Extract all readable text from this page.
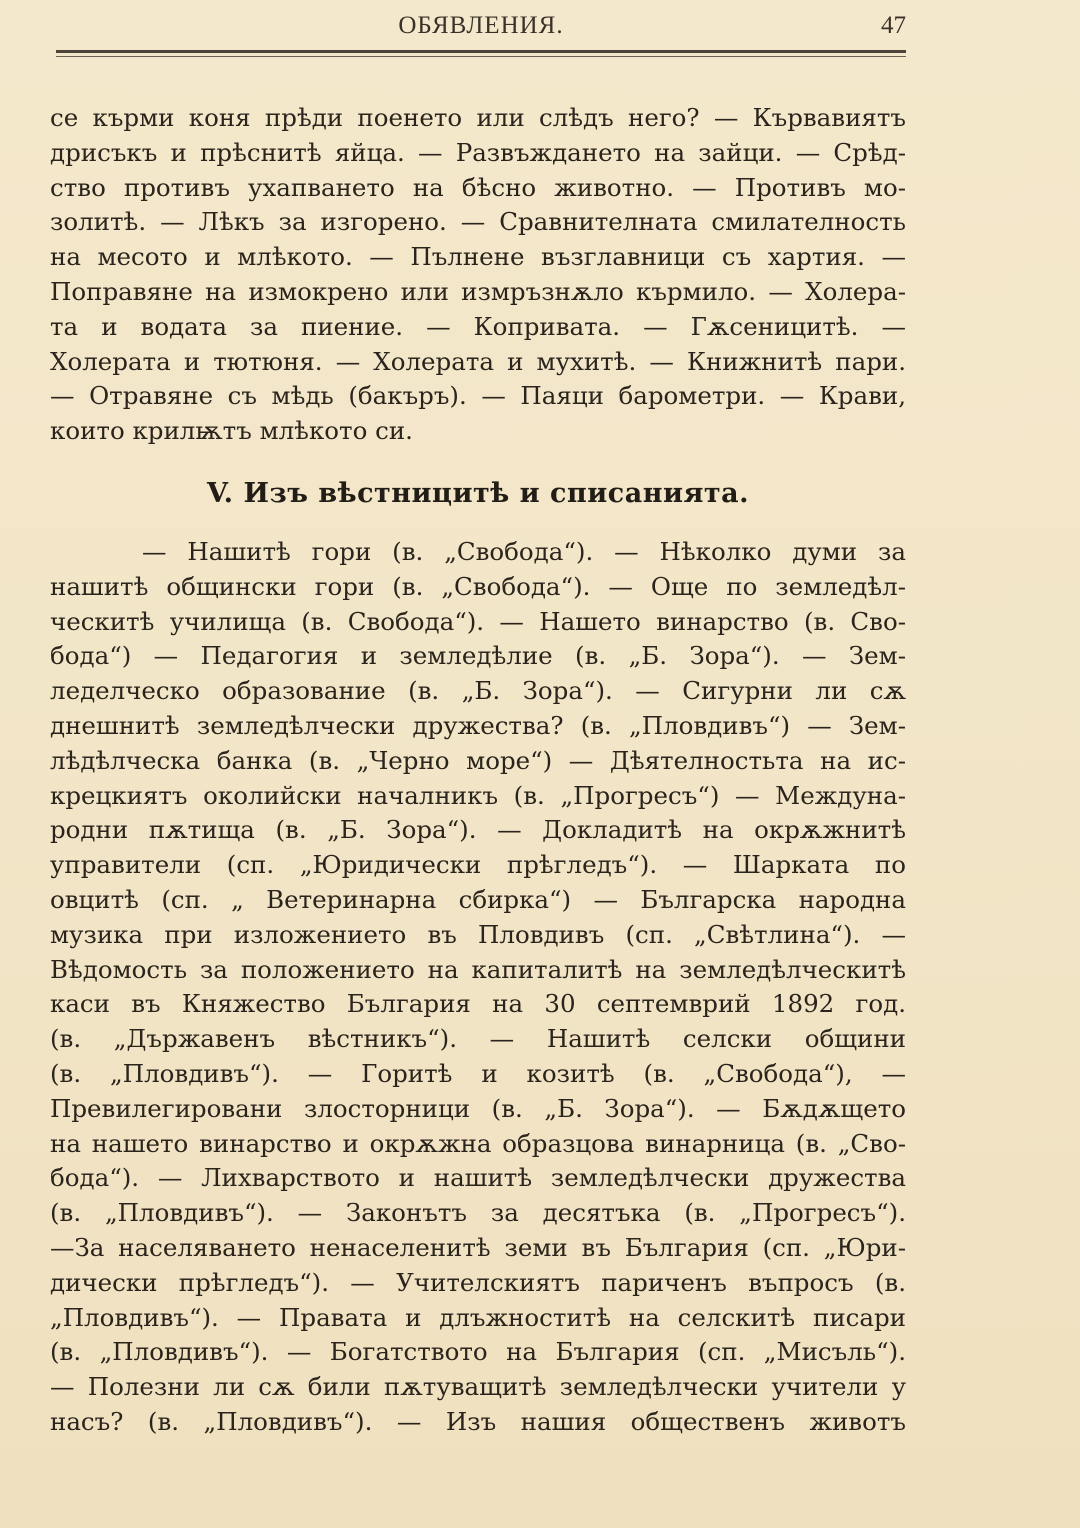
ОБЯВЛЕНИЯ.	47
се кърми коня прѣди поенето или слѣдъ него? — Кървавиятъ
дрисъкъ и прѣснитѣ яйца. — Развъждането на зайци. — Срѣд-
ство противъ ухапването на бѣсно животно. — Противъ мо-
золитѣ. — Лѣкъ за изгорено. — Сравнителната смилателность
на месото и млѣкото. — Пълнене възглавници съ хартия. —
Поправяне на измокрено или измръзнѫло кърмило. — Холера-
та и водата за пиение. — Копривата. — Гѫсеницитѣ. —
Холерата и тютюня. — Холерата и мухитѣ. — Книжнитѣ пари.
— Отравяне съ мѣдь (бакъръ). — Паяци барометри. — Крави,
които крилѭтъ млѣкото си.
V. Изъ вѣстницитѣ и списанията.
— Нашитѣ гори (в. „Свобода“). — Нѣколко думи за
нашитѣ общински гори (в. „Свобода“). — Още по земледѣл-
ческитѣ училища (в. Свобода“). — Нашето винарство (в. Сво-
бода“) — Педагогия и земледѣлие (в. „Б. Зора“). — Зем-
леделческо образование (в. „Б. Зора“). — Сигурни ли сѫ
днешнитѣ земледѣлчески дружества? (в. „Пловдивъ“) — Зем-
лѣдѣлческа банка (в. „Черно море“) — Дѣятелностьта на ис-
крецкиятъ околийски началникъ (в. „Прогресъ“) — Междуна-
родни пѫтища (в. „Б. Зора“). — Докладитѣ на окрѫжнитѣ
управители (сп. „Юридически прѣгледъ“). — Шарката по
овцитѣ (сп. „ Ветеринарна сбирка“) — Българска народна
музика при изложението въ Пловдивъ (сп. „Свѣтлина“). —
Вѣдомость за положението на капиталитѣ на земледѣлческитѣ
каси въ Княжество България на 30 септемврий 1892 год.
(в. „Държавенъ вѣстникъ“). — Нашитѣ селски общини
(в. „Пловдивъ“). — Горитѣ и козитѣ (в. „Свобода“), —
Превилегировани злосторници (в. „Б. Зора“). — Бѫдѫщето
на нашето винарство и окрѫжна образцова винарница (в. „Сво-
бода“). — Лихварството и нашитѣ земледѣлчески дружества
(в. „Пловдивъ“). — Законътъ за десятъка (в. „Прогресъ“).
—За населяването ненаселенитѣ земи въ България (сп. „Юри-
дически прѣгледъ“). — Учителскиятъ париченъ въпросъ (в.
„Пловдивъ“). — Правата и длъжноститѣ на селскитѣ писари
(в. „Пловдивъ“). — Богатството на България (сп. „Мисъль“).
— Полезни ли сѫ били пѫтуващитѣ земледѣлчески учители у
насъ? (в. „Пловдивъ“). — Изъ нашия общественъ животъ
